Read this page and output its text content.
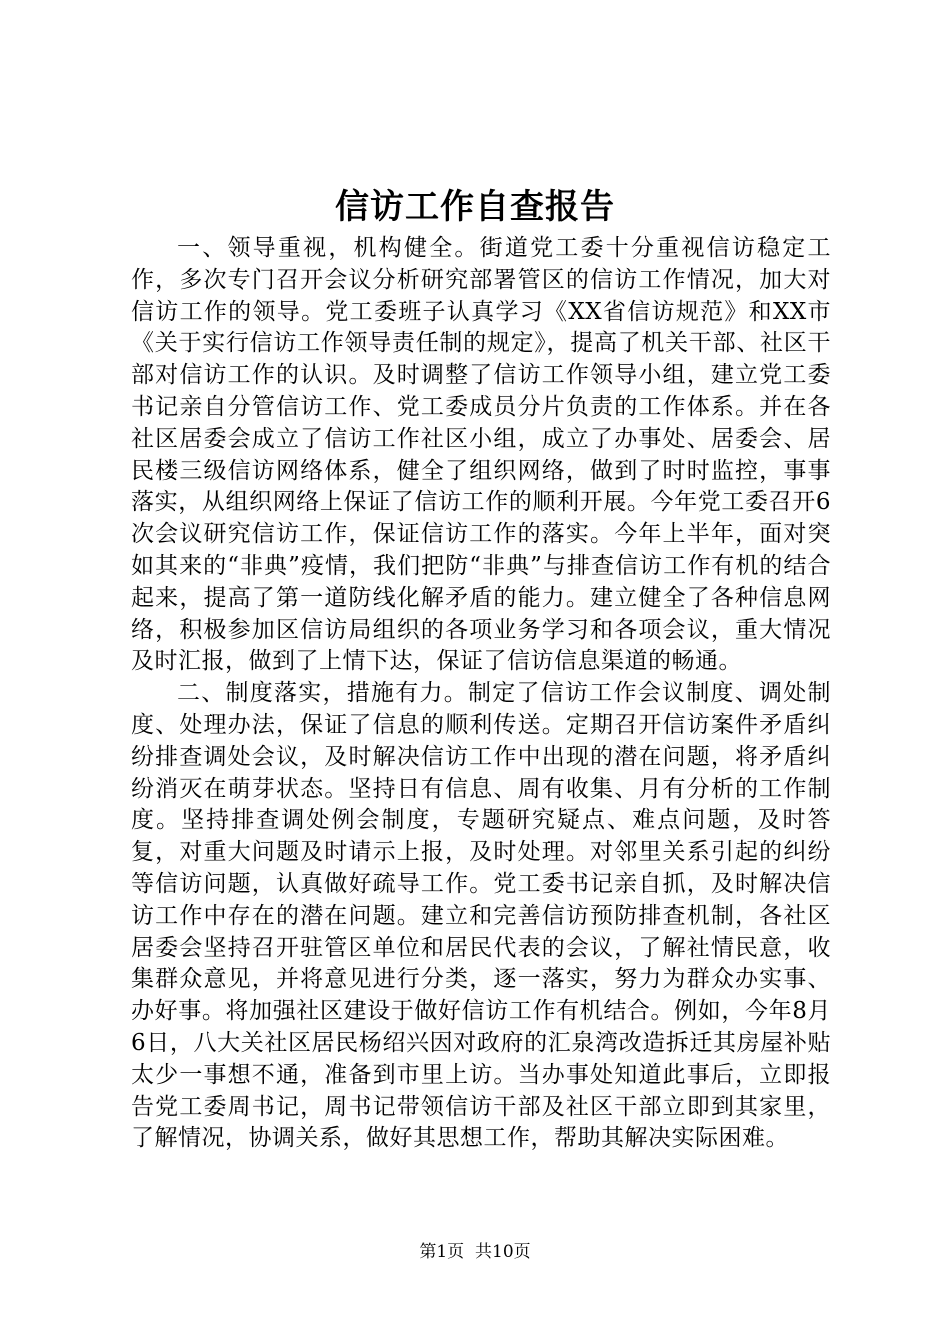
信访工作自查报告

一、领导重视，机构健全。街道党工委十分重视信访稳定工作，多次专门召开会议分析研究部署管区的信访工作情况，加大对信访工作的领导。党工委班子认真学习《XX省信访规范》和XX市《关于实行信访工作领导责任制的规定》，提高了机关干部、社区干部对信访工作的认识。及时调整了信访工作领导小组，建立党工委书记亲自分管信访工作、党工委成员分片负责的工作体系。并在各社区居委会成立了信访工作社区小组，成立了办事处、居委会、居民楼三级信访网络体系，健全了组织网络，做到了时时监控，事事落实，从组织网络上保证了信访工作的顺利开展。今年党工委召开6次会议研究信访工作，保证信访工作的落实。今年上半年，面对突如其来的“非典”疫情，我们把防“非典”与排查信访工作有机的结合起来，提高了第一道防线化解矛盾的能力。建立健全了各种信息网络，积极参加区信访局组织的各项业务学习和各项会议，重大情况及时汇报，做到了上情下达，保证了信访信息渠道的畅通。

二、制度落实，措施有力。制定了信访工作会议制度、调处制度、处理办法，保证了信息的顺利传送。定期召开信访案件矛盾纠纷排查调处会议，及时解决信访工作中出现的潜在问题，将矛盾纠纷消灭在萌芽状态。坚持日有信息、周有收集、月有分析的工作制度。坚持排查调处例会制度，专题研究疑点、难点问题，及时答复，对重大问题及时请示上报，及时处理。对邻里关系引起的纠纷等信访问题，认真做好疏导工作。党工委书记亲自抓，及时解决信访工作中存在的潜在问题。建立和完善信访预防排查机制，各社区居委会坚持召开驻管区单位和居民代表的会议，了解社情民意，收集群众意见，并将意见进行分类，逐一落实，努力为群众办实事、办好事。将加强社区建设于做好信访工作有机结合。例如，今年8月6日，八大关社区居民杨绍兴因对政府的汇泉湾改造拆迁其房屋补贴太少一事想不通，准备到市里上访。当办事处知道此事后，立即报告党工委周书记，周书记带领信访干部及社区干部立即到其家里，了解情况，协调关系，做好其思想工作，帮助其解决实际困难。

第1页 共10页
